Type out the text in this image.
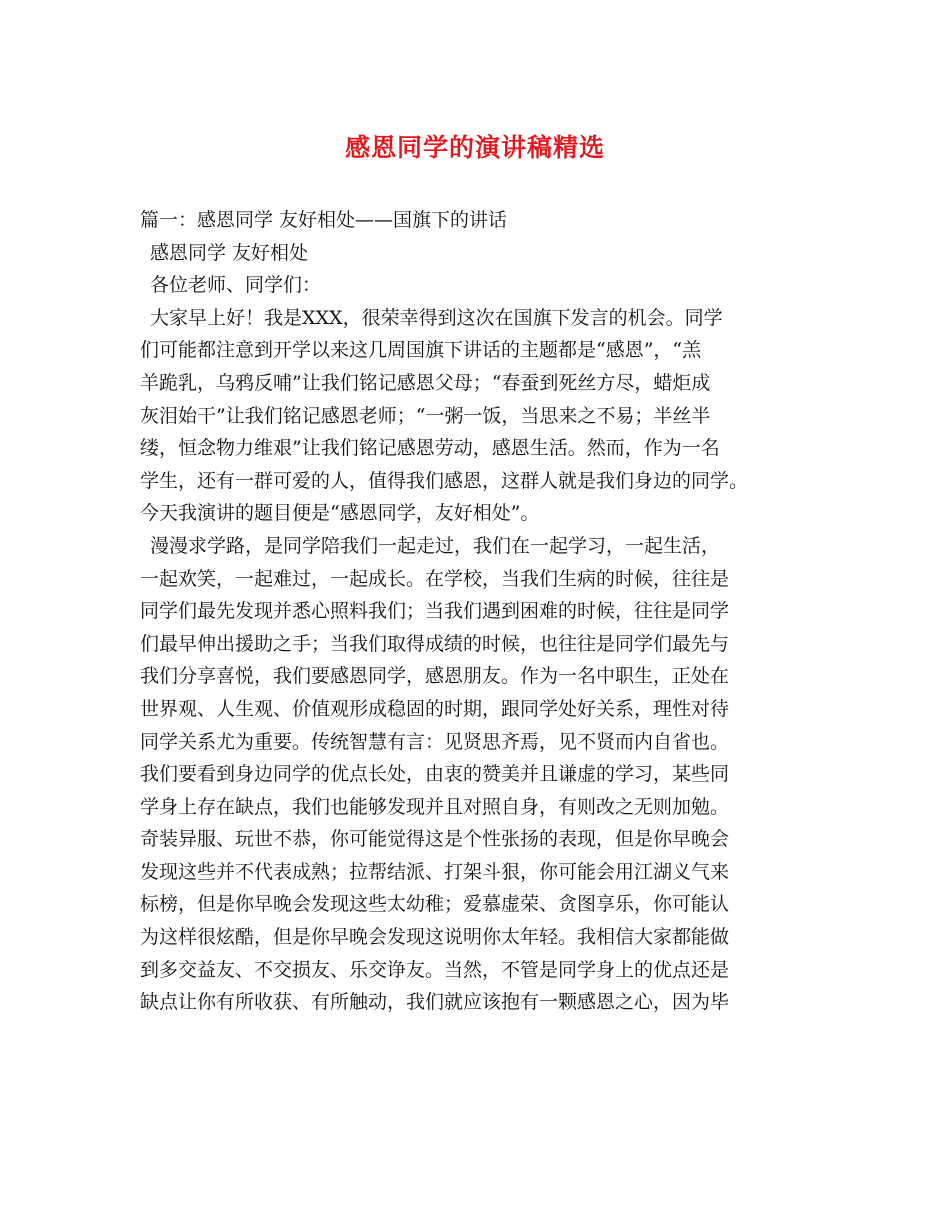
感恩同学的演讲稿精选
篇一：感恩同学 友好相处——国旗下的讲话
感恩同学 友好相处
各位老师、同学们：
大家早上好！我是XXX，很荣幸得到这次在国旗下发言的机会。同学
们可能都注意到开学以来这几周国旗下讲话的主题都是“感恩”，“羔
羊跪乳，乌鸦反哺”让我们铭记感恩父母；“春蚕到死丝方尽，蜡炬成
灰泪始干”让我们铭记感恩老师；“一粥一饭，当思来之不易；半丝半
缕，恒念物力维艰”让我们铭记感恩劳动，感恩生活。然而，作为一名
学生，还有一群可爱的人，值得我们感恩，这群人就是我们身边的同学。
今天我演讲的题目便是“感恩同学，友好相处”。
漫漫求学路，是同学陪我们一起走过，我们在一起学习，一起生活，
一起欢笑，一起难过，一起成长。在学校，当我们生病的时候，往往是
同学们最先发现并悉心照料我们；当我们遇到困难的时候，往往是同学
们最早伸出援助之手；当我们取得成绩的时候，也往往是同学们最先与
我们分享喜悦，我们要感恩同学，感恩朋友。作为一名中职生，正处在
世界观、人生观、价值观形成稳固的时期，跟同学处好关系，理性对待
同学关系尤为重要。传统智慧有言：见贤思齐焉，见不贤而内自省也。
我们要看到身边同学的优点长处，由衷的赞美并且谦虚的学习，某些同
学身上存在缺点，我们也能够发现并且对照自身，有则改之无则加勉。
奇装异服、玩世不恭，你可能觉得这是个性张扬的表现，但是你早晚会
发现这些并不代表成熟；拉帮结派、打架斗狠，你可能会用江湖义气来
标榜，但是你早晚会发现这些太幼稚；爱慕虚荣、贪图享乐，你可能认
为这样很炫酷，但是你早晚会发现这说明你太年轻。我相信大家都能做
到多交益友、不交损友、乐交诤友。当然，不管是同学身上的优点还是
缺点让你有所收获、有所触动，我们就应该抱有一颗感恩之心，因为毕
